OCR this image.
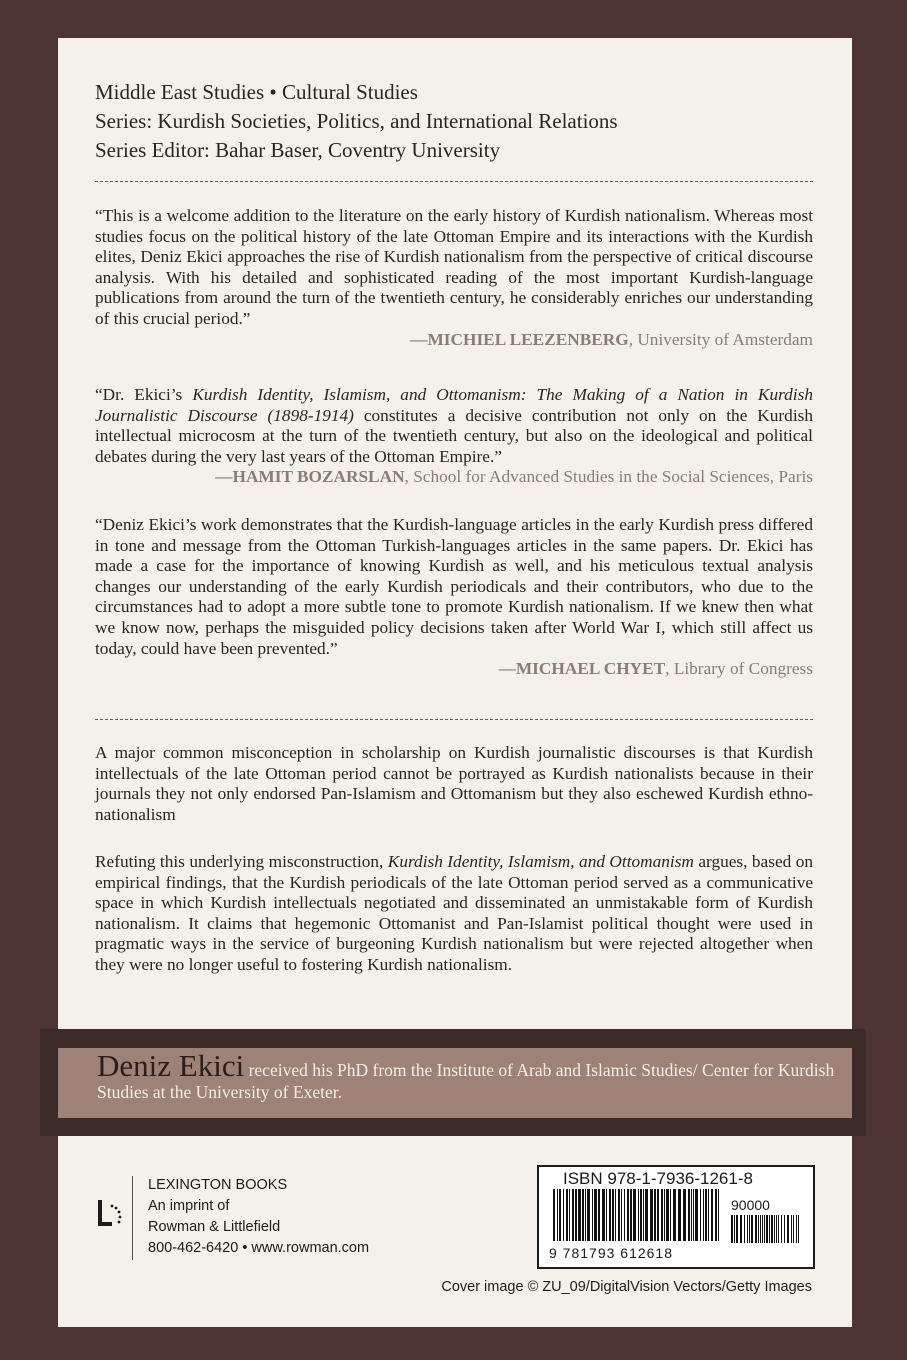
Middle East Studies • Cultural Studies
Series: Kurdish Societies, Politics, and International Relations
Series Editor: Bahar Baser, Coventry University
“This is a welcome addition to the literature on the early history of Kurdish nationalism. Whereas most studies focus on the political history of the late Ottoman Empire and its interactions with the Kurdish elites, Deniz Ekici approaches the rise of Kurdish nationalism from the perspective of critical discourse analysis. With his detailed and sophisticated reading of the most important Kurdish-language publications from around the turn of the twentieth century, he considerably enriches our understanding of this crucial period.”
—MICHIEL LEEZENBERG, University of Amsterdam
“Dr. Ekici’s Kurdish Identity, Islamism, and Ottomanism: The Making of a Nation in Kurdish Journalistic Discourse (1898-1914) constitutes a decisive contribution not only on the Kurdish intellectual microcosm at the turn of the twentieth century, but also on the ideological and political debates during the very last years of the Ottoman Empire.”
—HAMIT BOZARSLAN, School for Advanced Studies in the Social Sciences, Paris
“Deniz Ekici’s work demonstrates that the Kurdish-language articles in the early Kurdish press differed in tone and message from the Ottoman Turkish-languages articles in the same papers. Dr. Ekici has made a case for the importance of knowing Kurdish as well, and his meticulous textual analysis changes our understanding of the early Kurdish periodicals and their contributors, who due to the circumstances had to adopt a more subtle tone to promote Kurdish nationalism. If we knew then what we know now, perhaps the misguided policy decisions taken after World War I, which still affect us today, could have been prevented.”
—MICHAEL CHYET, Library of Congress
A major common misconception in scholarship on Kurdish journalistic discourses is that Kurdish intellectuals of the late Ottoman period cannot be portrayed as Kurdish nationalists because in their journals they not only endorsed Pan-Islamism and Ottomanism but they also eschewed Kurdish ethno-nationalism
Refuting this underlying misconstruction, Kurdish Identity, Islamism, and Ottomanism argues, based on empirical findings, that the Kurdish periodicals of the late Ottoman period served as a communicative space in which Kurdish intellectuals negotiated and disseminated an unmistakable form of Kurdish nationalism. It claims that hegemonic Ottomanist and Pan-Islamist political thought were used in pragmatic ways in the service of burgeoning Kurdish nationalism but were rejected altogether when they were no longer useful to fostering Kurdish nationalism.
Deniz Ekici received his PhD from the Institute of Arab and Islamic Studies/ Center for Kurdish Studies at the University of Exeter.
LEXINGTON BOOKS
An imprint of
Rowman & Littlefield
800-462-6420 • www.rowman.com
ISBN 978-1-7936-1261-8
90000
9 781793 612618
Cover image © ZU_09/DigitalVision Vectors/Getty Images
